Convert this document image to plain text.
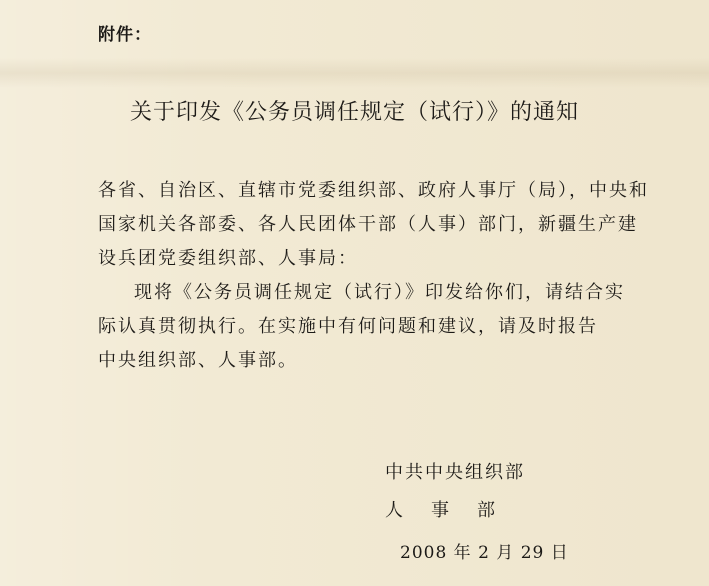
附件：
关于印发《公务员调任规定（试行）》的通知

各省、自治区、直辖市党委组织部、政府人事厅（局），中央和
国家机关各部委、各人民团体干部（人事）部门，新疆生产建
设兵团党委组织部、人事局：

现将《公务员调任规定（试行）》印发给你们，请结合实
际认真贯彻执行。在实施中有何问题和建议，请及时报告
中央组织部、人事部。

中共中央组织部
人事部
2008 年 2 月 29 日
